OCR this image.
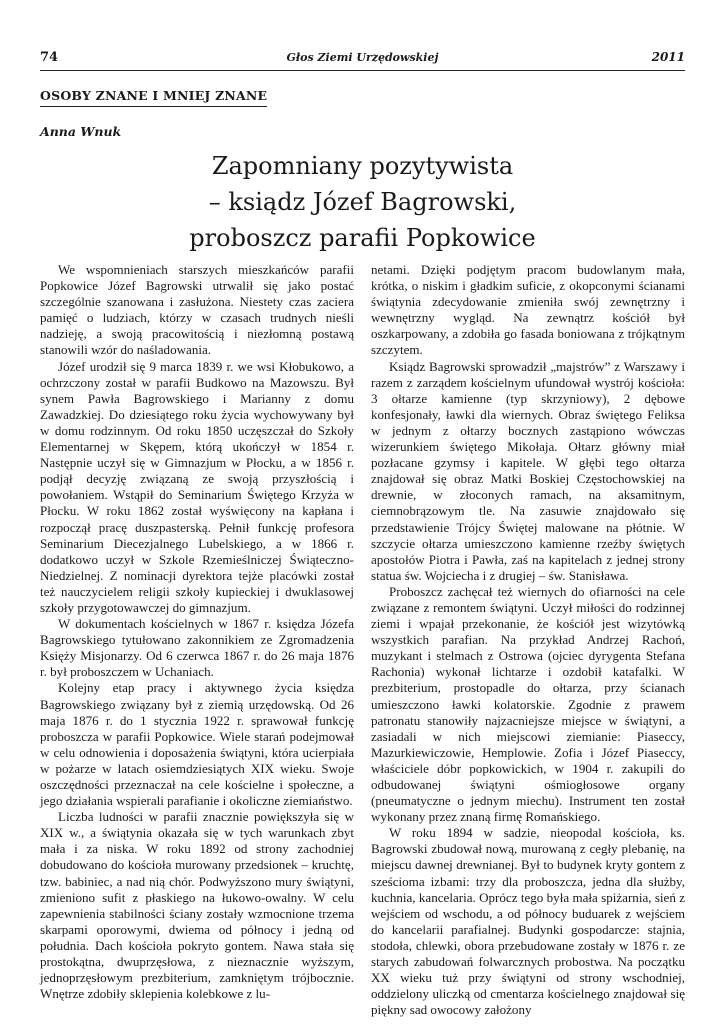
74	Głos Ziemi Urzędowskiej	2011
OSOBY ZNANE I MNIEJ ZNANE
Anna Wnuk
Zapomniany pozytywista
– ksiądz Józef Bagrowski,
proboszcz parafii Popkowice

We wspomnieniach starszych mieszkańców parafii Popkowice Józef Bagrowski utrwalił się jako postać szczególnie szanowana i zasłużona. Niestety czas zaciera pamięć o ludziach, którzy w czasach trudnych nieśli nadzieję, a swoją pracowitością i niezłomną postawą stanowili wzór do naśladowania.

Józef urodził się 9 marca 1839 r. we wsi Kłobukowo, a ochrzczony został w parafii Budkowo na Mazowszu. Był synem Pawła Bagrowskiego i Marianny z domu Zawadzkiej. Do dziesiątego roku życia wychowywany był w domu rodzinnym. Od roku 1850 uczęszczał do Szkoły Elementarnej w Skępem, którą ukończył w 1854 r. Następnie uczył się w Gimnazjum w Płocku, a w 1856 r. podjął decyzję związaną ze swoją przyszłością i powołaniem. Wstąpił do Seminarium Świętego Krzyża w Płocku. W roku 1862 został wyświęcony na kapłana i rozpoczął pracę duszpasterską. Pełnił funkcję profesora Seminarium Diecezjalnego Lubelskiego, a w 1866 r. dodatkowo uczył w Szkole Rzemieślniczej Świąteczno-Niedzielnej. Z nominacji dyrektora tejże placówki został też nauczycielem religii szkoły kupieckiej i dwuklasowej szkoły przygotowawczej do gimnazjum.

W dokumentach kościelnych w 1867 r. księdza Józefa Bagrowskiego tytułowano zakonnikiem ze Zgromadzenia Księży Misjonarzy. Od 6 czerwca 1867 r. do 26 maja 1876 r. był proboszczem w Uchaniach.

Kolejny etap pracy i aktywnego życia księdza Bagrowskiego związany był z ziemią urzędowską. Od 26 maja 1876 r. do 1 stycznia 1922 r. sprawował funkcję proboszcza w parafii Popkowice. Wiele starań podejmował w celu odnowienia i doposażenia świątyni, która ucierpiała w pożarze w latach osiemdziesiątych XIX wieku. Swoje oszczędności przeznaczał na cele kościelne i społeczne, a jego działania wspierali parafianie i okoliczne ziemiaństwo.

Liczba ludności w parafii znacznie powiększyła się w XIX w., a świątynia okazała się w tych warunkach zbyt mała i za niska. W roku 1892 od strony zachodniej dobudowano do kościoła murowany przedsionek – kruchtę, tzw. babiniec, a nad nią chór. Podwyższono mury świątyni, zmieniono sufit z płaskiego na łukowo-owalny. W celu zapewnienia stabilności ściany zostały wzmocnione trzema skarpami oporowymi, dwiema od północy i jedną od południa. Dach kościoła pokryto gontem. Nawa stała się prostokątna, dwuprzęsłowa, z nieznacznie wyższym, jednoprzęsłowym prezbiterium, zamkniętym trójbocznie. Wnętrze zdobiły sklepienia kolebkowe z lu-

netami. Dzięki podjętym pracom budowlanym mała, krótka, o niskim i gładkim suficie, z okopconymi ścianami świątynia zdecydowanie zmieniła swój zewnętrzny i wewnętrzny wygląd. Na zewnątrz kościół był oszkarpowany, a zdobiła go fasada boniowana z trójkątnym szczytem.

Ksiądz Bagrowski sprowadził „majstrów” z Warszawy i razem z zarządem kościelnym ufundował wystrój kościoła: 3 ołtarze kamienne (typ skrzyniowy), 2 dębowe konfesjonały, ławki dla wiernych. Obraz świętego Feliksa w jednym z ołtarzy bocznych zastąpiono wówczas wizerunkiem świętego Mikołaja. Ołtarz główny miał pozłacane gzymsy i kapitele. W głębi tego ołtarza znajdował się obraz Matki Boskiej Częstochowskiej na drewnie, w złoconych ramach, na aksamitnym, ciemnobrązowym tle. Na zasuwie znajdowało się przedstawienie Trójcy Świętej malowane na płótnie. W szczycie ołtarza umieszczono kamienne rzeźby świętych apostołów Piotra i Pawła, zaś na kapitelach z jednej strony statua św. Wojciecha i z drugiej – św. Stanisława.

Proboszcz zachęcał też wiernych do ofiarności na cele związane z remontem świątyni. Uczył miłości do rodzinnej ziemi i wpajał przekonanie, że kościół jest wizytówką wszystkich parafian. Na przykład Andrzej Rachoń, muzykant i stelmach z Ostrowa (ojciec dyrygenta Stefana Rachonia) wykonał lichtarze i ozdobił katafalki. W prezbiterium, prostopadle do ołtarza, przy ścianach umieszczono ławki kolatorskie. Zgodnie z prawem patronatu stanowiły najzacniejsze miejsce w świątyni, a zasiadali w nich miejscowi ziemianie: Piaseccy, Mazurkiewiczowie, Hemplowie. Zofia i Józef Piaseccy, właściciele dóbr popkowickich, w 1904 r. zakupili do odbudowanej świątyni ośmiogłosowe organy (pneumatyczne o jednym miechu). Instrument ten został wykonany przez znaną firmę Romańskiego.

W roku 1894 w sadzie, nieopodal kościoła, ks. Bagrowski zbudował nową, murowaną z cegły plebanię, na miejscu dawnej drewnianej. Był to budynek kryty gontem z sześcioma izbami: trzy dla proboszcza, jedna dla służby, kuchnia, kancelaria. Oprócz tego była mała spiżarnia, sień z wejściem od wschodu, a od północy buduarek z wejściem do kancelarii parafialnej. Budynki gospodarcze: stajnia, stodoła, chlewki, obora przebudowane zostały w 1876 r. ze starych zabudowań folwarcznych probostwa. Na początku XX wieku tuż przy świątyni od strony wschodniej, oddzielony uliczką od cmentarza kościelnego znajdował się piękny sad owocowy założony
